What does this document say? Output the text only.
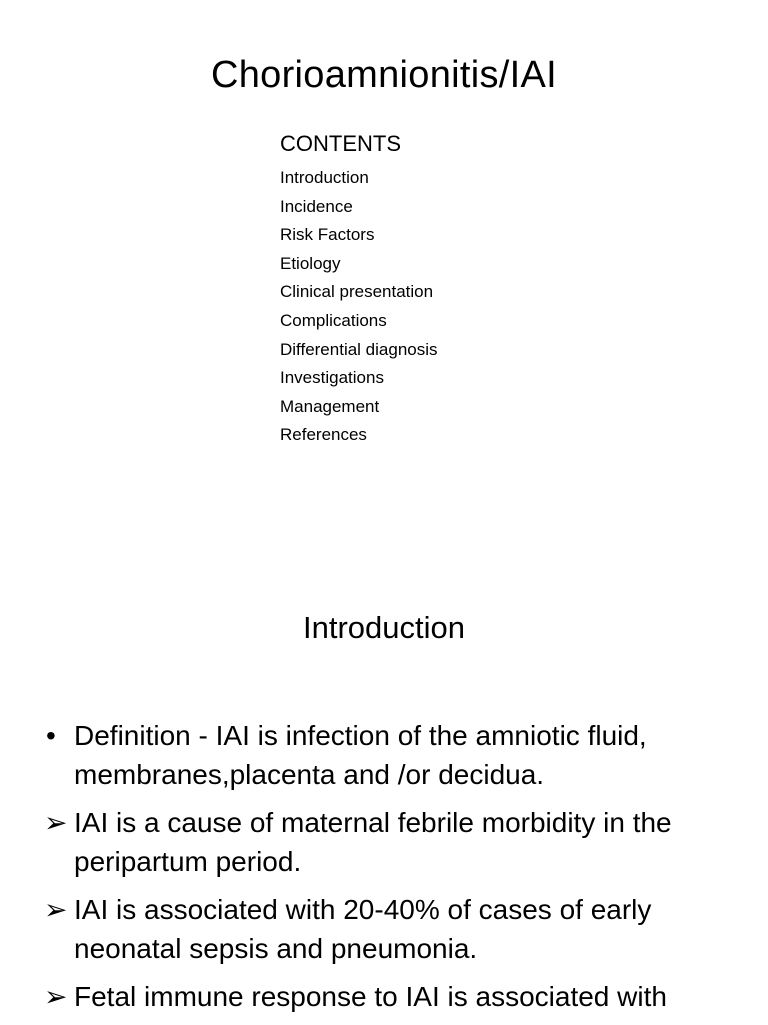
Chorioamnionitis/IAI
CONTENTS
Introduction
Incidence
Risk Factors
Etiology
Clinical presentation
Complications
Differential diagnosis
Investigations
Management
References
Introduction
• Definition - IAI is infection of the amniotic fluid, membranes,placenta and /or decidua.
➢ IAI is a cause of maternal febrile morbidity in the peripartum period.
➢ IAI is associated with 20-40% of cases of early neonatal sepsis and pneumonia.
➢ Fetal immune response to IAI is associated with
